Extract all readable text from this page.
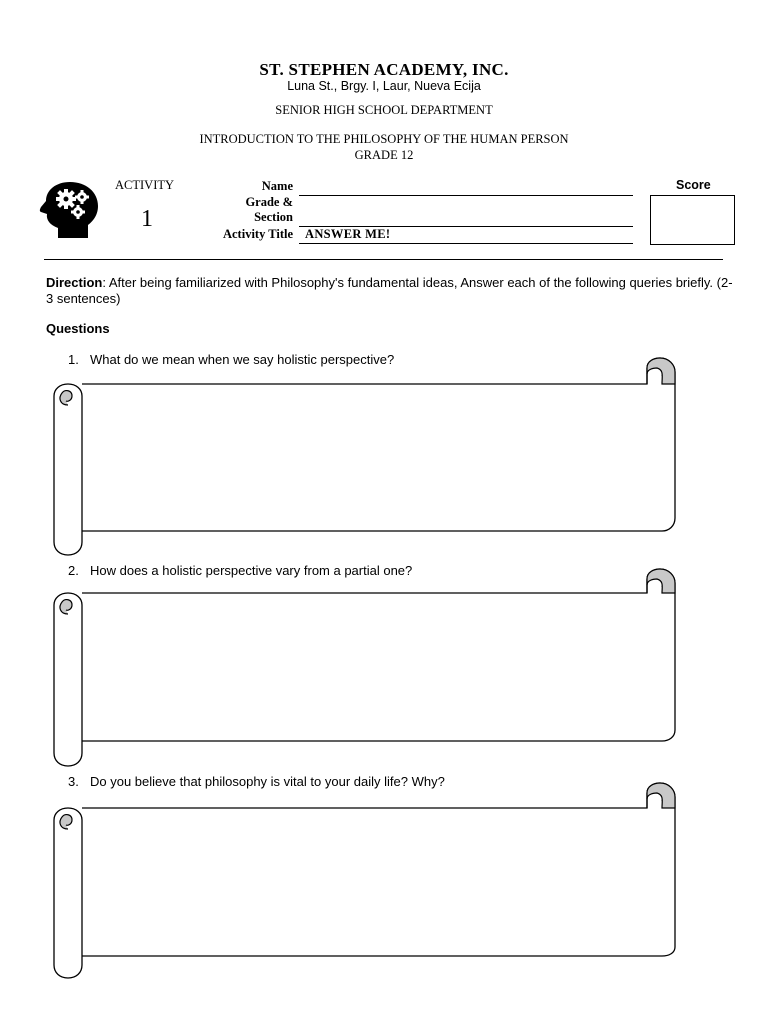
ST. STEPHEN ACADEMY, INC.
Luna St., Brgy. I, Laur, Nueva Ecija
SENIOR HIGH SCHOOL DEPARTMENT
INTRODUCTION TO THE PHILOSOPHY OF THE HUMAN PERSON
GRADE 12
ACTIVITY
1
Name
Grade &
Section
Activity Title ANSWER ME!
Score
Direction: After being familiarized with Philosophy's fundamental ideas, Answer each of the following queries briefly. (2-3 sentences)
Questions
1. What do we mean when we say holistic perspective?
2. How does a holistic perspective vary from a partial one?
3. Do you believe that philosophy is vital to your daily life? Why?
